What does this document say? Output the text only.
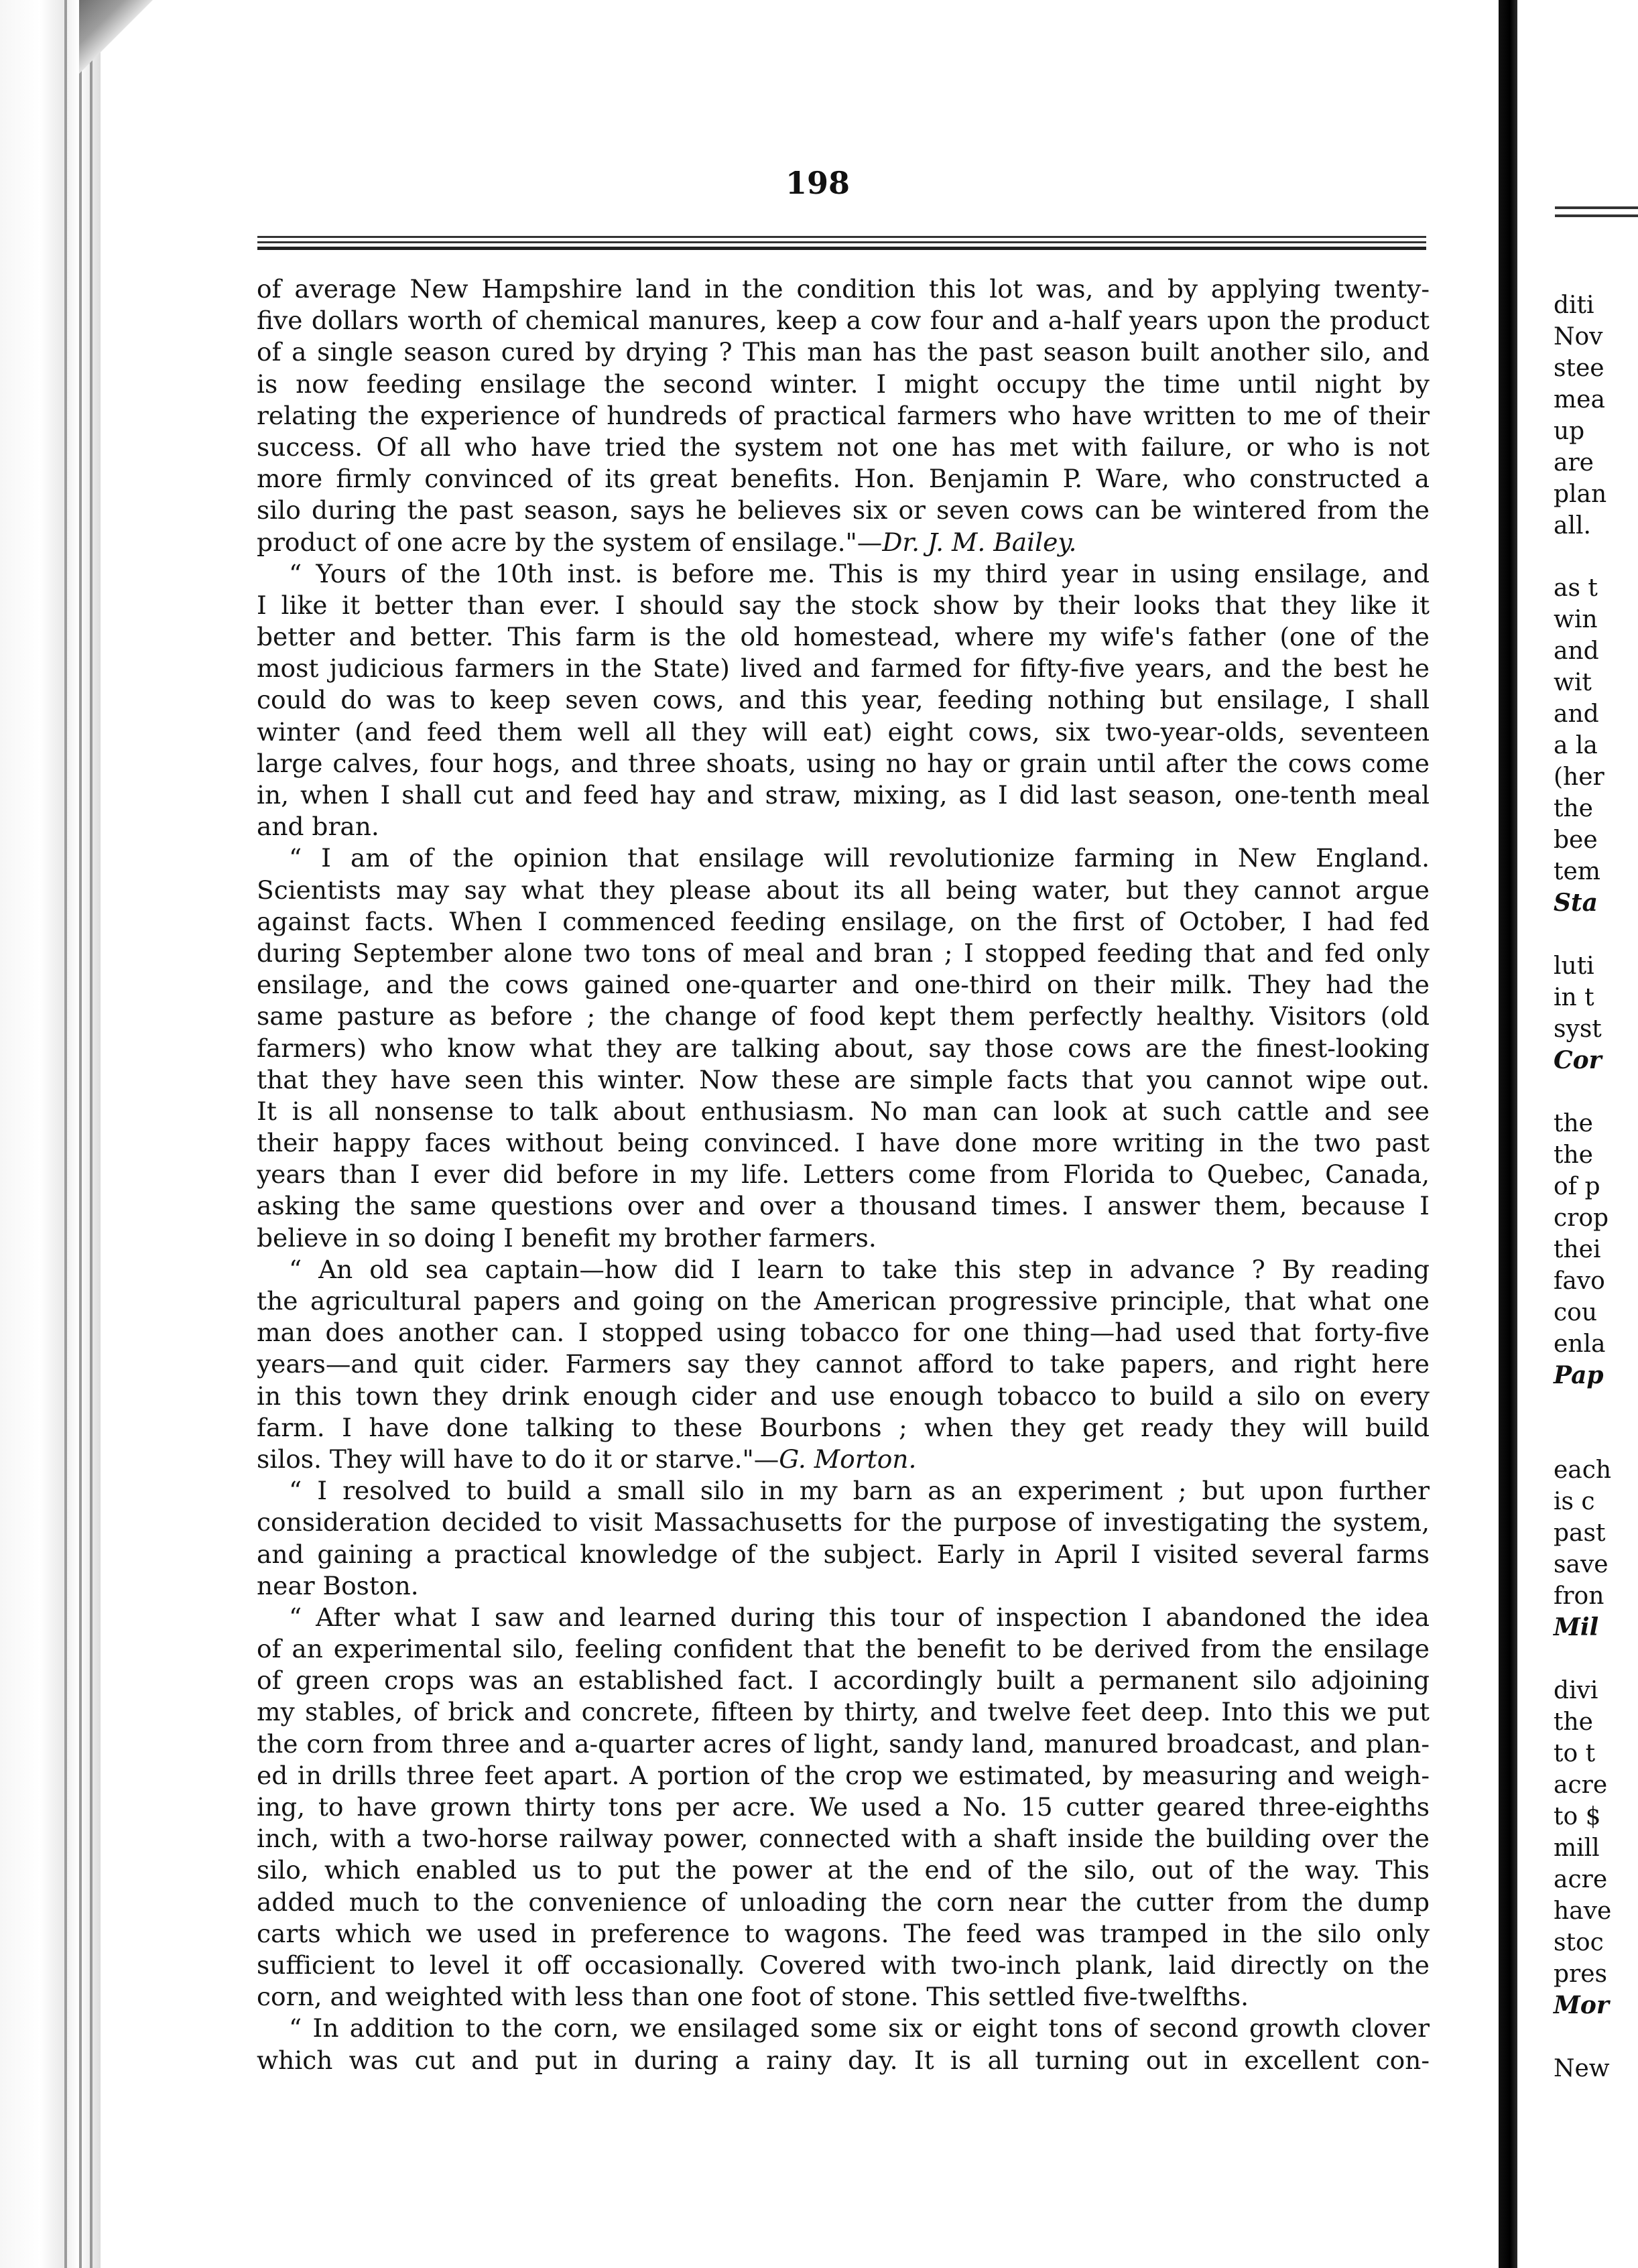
198
of average New Hampshire land in the condition this lot was, and by applying twenty-
five dollars worth of chemical manures, keep a cow four and a-half years upon the product
of a single season cured by drying ? This man has the past season built another silo, and
is now feeding ensilage the second winter. I might occupy the time until night by
relating the experience of hundreds of practical farmers who have written to me of their
success. Of all who have tried the system not one has met with failure, or who is not
more firmly convinced of its great benefits. Hon. Benjamin P. Ware, who constructed a
silo during the past season, says he believes six or seven cows can be wintered from the
product of one acre by the system of ensilage."—Dr. J. M. Bailey.
“ Yours of the 10th inst. is before me. This is my third year in using ensilage, and
I like it better than ever. I should say the stock show by their looks that they like it
better and better. This farm is the old homestead, where my wife's father (one of the
most judicious farmers in the State) lived and farmed for fifty-five years, and the best he
could do was to keep seven cows, and this year, feeding nothing but ensilage, I shall
winter (and feed them well all they will eat) eight cows, six two-year-olds, seventeen
large calves, four hogs, and three shoats, using no hay or grain until after the cows come
in, when I shall cut and feed hay and straw, mixing, as I did last season, one-tenth meal
and bran.
“ I am of the opinion that ensilage will revolutionize farming in New England.
Scientists may say what they please about its all being water, but they cannot argue
against facts. When I commenced feeding ensilage, on the first of October, I had fed
during September alone two tons of meal and bran ; I stopped feeding that and fed only
ensilage, and the cows gained one-quarter and one-third on their milk. They had the
same pasture as before ; the change of food kept them perfectly healthy. Visitors (old
farmers) who know what they are talking about, say those cows are the finest-looking
that they have seen this winter. Now these are simple facts that you cannot wipe out.
It is all nonsense to talk about enthusiasm. No man can look at such cattle and see
their happy faces without being convinced. I have done more writing in the two past
years than I ever did before in my life. Letters come from Florida to Quebec, Canada,
asking the same questions over and over a thousand times. I answer them, because I
believe in so doing I benefit my brother farmers.
“ An old sea captain—how did I learn to take this step in advance ? By reading
the agricultural papers and going on the American progressive principle, that what one
man does another can. I stopped using tobacco for one thing—had used that forty-five
years—and quit cider. Farmers say they cannot afford to take papers, and right here
in this town they drink enough cider and use enough tobacco to build a silo on every
farm. I have done talking to these Bourbons ; when they get ready they will build
silos. They will have to do it or starve."—G. Morton.
“ I resolved to build a small silo in my barn as an experiment ; but upon further
consideration decided to visit Massachusetts for the purpose of investigating the system,
and gaining a practical knowledge of the subject. Early in April I visited several farms
near Boston.
“ After what I saw and learned during this tour of inspection I abandoned the idea
of an experimental silo, feeling confident that the benefit to be derived from the ensilage
of green crops was an established fact. I accordingly built a permanent silo adjoining
my stables, of brick and concrete, fifteen by thirty, and twelve feet deep. Into this we put
the corn from three and a-quarter acres of light, sandy land, manured broadcast, and plan-
ed in drills three feet apart. A portion of the crop we estimated, by measuring and weigh-
ing, to have grown thirty tons per acre. We used a No. 15 cutter geared three-eighths
inch, with a two-horse railway power, connected with a shaft inside the building over the
silo, which enabled us to put the power at the end of the silo, out of the way. This
added much to the convenience of unloading the corn near the cutter from the dump
carts which we used in preference to wagons. The feed was tramped in the silo only
sufficient to level it off occasionally. Covered with two-inch plank, laid directly on the
corn, and weighted with less than one foot of stone. This settled five-twelfths.
“ In addition to the corn, we ensilaged some six or eight tons of second growth clover
which was cut and put in during a rainy day. It is all turning out in excellent con-
diti
Nov
stee
mea
up
are
plan
all.
as t
win
and
wit
and
a la
(her
the
bee
tem
Sta
luti
in t
syst
Cor
the
the
of p
crop
thei
favo
cou
enla
Pap
each
is c
past
save
fron
Mil
divi
the
to t
acre
to $
mill
acre
have
stoc
pres
Mor
New
